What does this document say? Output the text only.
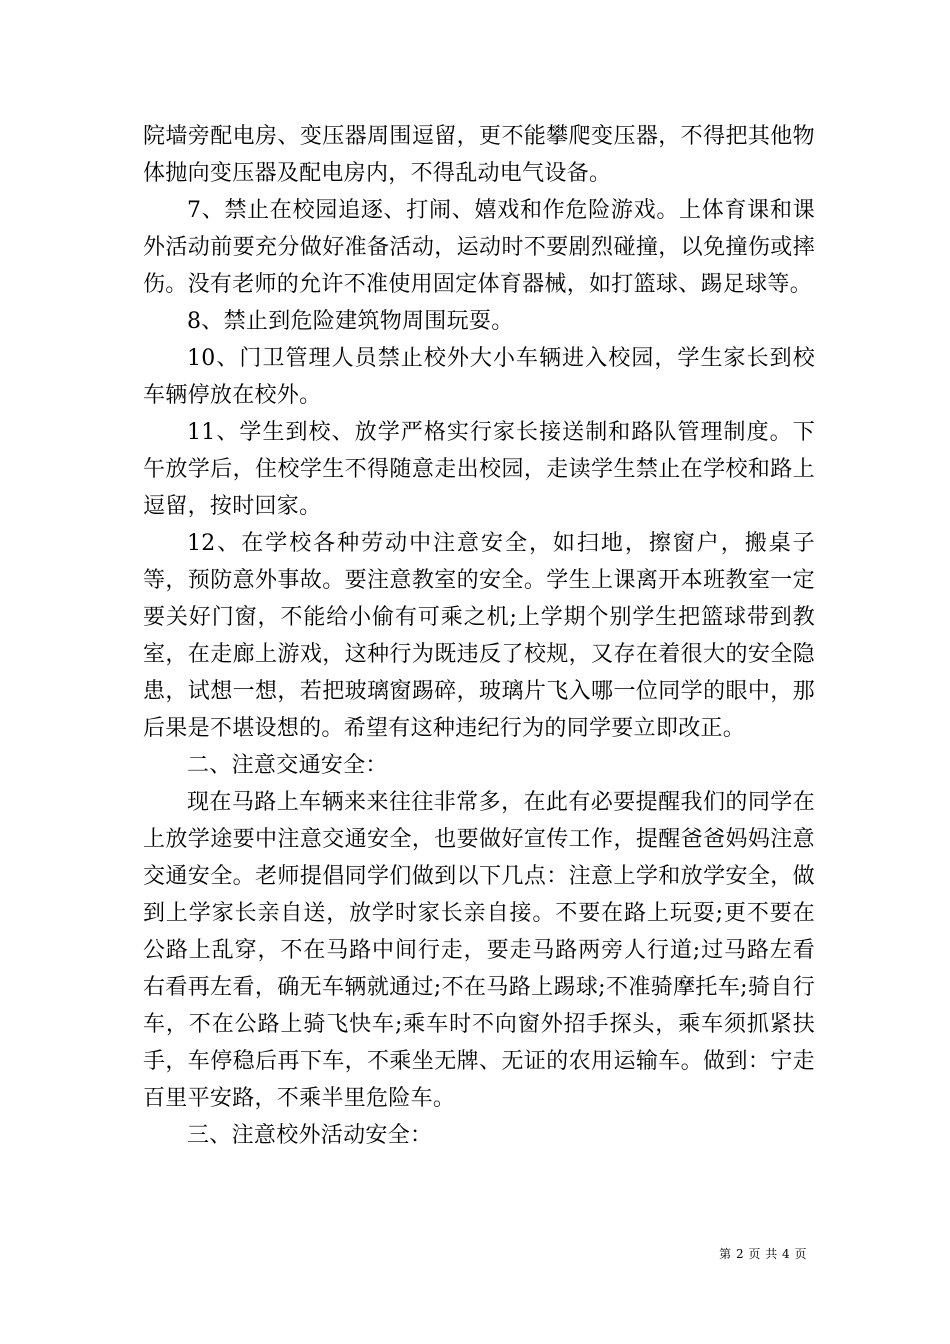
院墙旁配电房、变压器周围逗留，更不能攀爬变压器，不得把其他物体抛向变压器及配电房内，不得乱动电气设备。

7、禁止在校园追逐、打闹、嬉戏和作危险游戏。上体育课和课外活动前要充分做好准备活动，运动时不要剧烈碰撞，以免撞伤或摔伤。没有老师的允许不准使用固定体育器械，如打篮球、踢足球等。

8、禁止到危险建筑物周围玩耍。

10、门卫管理人员禁止校外大小车辆进入校园，学生家长到校车辆停放在校外。

11、学生到校、放学严格实行家长接送制和路队管理制度。下午放学后，住校学生不得随意走出校园，走读学生禁止在学校和路上逗留，按时回家。

12、在学校各种劳动中注意安全，如扫地，擦窗户，搬桌子等，预防意外事故。要注意教室的安全。学生上课离开本班教室一定要关好门窗，不能给小偷有可乘之机;上学期个别学生把篮球带到教室，在走廊上游戏，这种行为既违反了校规，又存在着很大的安全隐患，试想一想，若把玻璃窗踢碎，玻璃片飞入哪一位同学的眼中，那后果是不堪设想的。希望有这种违纪行为的同学要立即改正。

二、注意交通安全：

现在马路上车辆来来往往非常多，在此有必要提醒我们的同学在上放学途要中注意交通安全，也要做好宣传工作，提醒爸爸妈妈注意交通安全。老师提倡同学们做到以下几点：注意上学和放学安全，做到上学家长亲自送，放学时家长亲自接。不要在路上玩耍;更不要在公路上乱穿，不在马路中间行走，要走马路两旁人行道;过马路左看右看再左看，确无车辆就通过;不在马路上踢球;不准骑摩托车;骑自行车，不在公路上骑飞快车;乘车时不向窗外招手探头，乘车须抓紧扶手，车停稳后再下车，不乘坐无牌、无证的农用运输车。做到：宁走百里平安路，不乘半里危险车。

三、注意校外活动安全：

第 2 页 共 4 页
